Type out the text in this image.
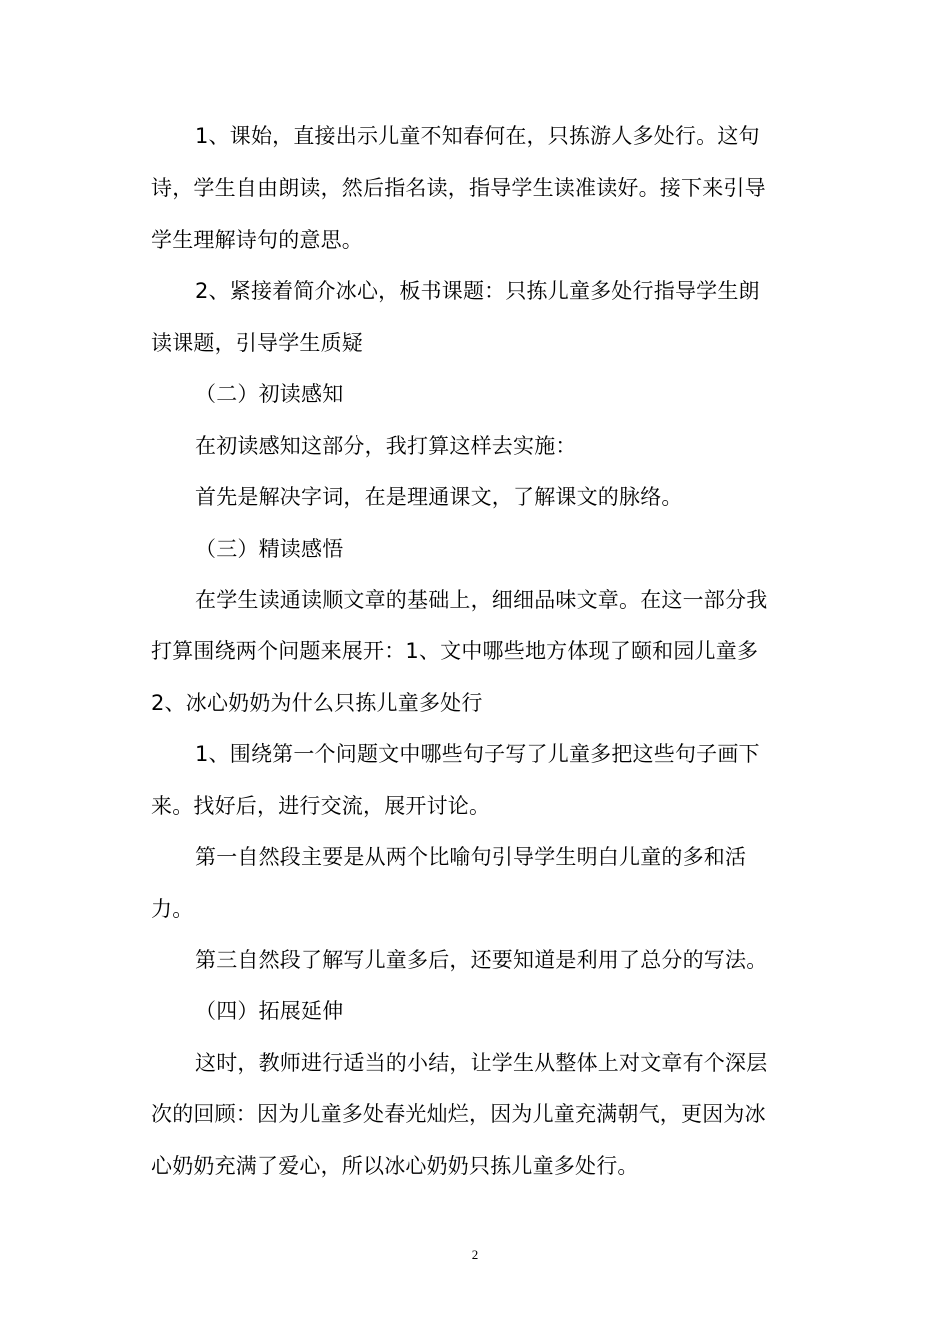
1、课始，直接出示儿童不知春何在，只拣游人多处行。这句
诗，学生自由朗读，然后指名读，指导学生读准读好。接下来引导
学生理解诗句的意思。
2、紧接着简介冰心，板书课题：只拣儿童多处行指导学生朗
读课题，引导学生质疑
（二）初读感知
在初读感知这部分，我打算这样去实施：
首先是解决字词，在是理通课文，了解课文的脉络。
（三）精读感悟
在学生读通读顺文章的基础上，细细品味文章。在这一部分我
打算围绕两个问题来展开：1、文中哪些地方体现了颐和园儿童多
2、冰心奶奶为什么只拣儿童多处行
1、围绕第一个问题文中哪些句子写了儿童多把这些句子画下
来。找好后，进行交流，展开讨论。
第一自然段主要是从两个比喻句引导学生明白儿童的多和活
力。
第三自然段了解写儿童多后，还要知道是利用了总分的写法。
（四）拓展延伸
这时，教师进行适当的小结，让学生从整体上对文章有个深层
次的回顾：因为儿童多处春光灿烂，因为儿童充满朝气，更因为冰
心奶奶充满了爱心，所以冰心奶奶只拣儿童多处行。
2
